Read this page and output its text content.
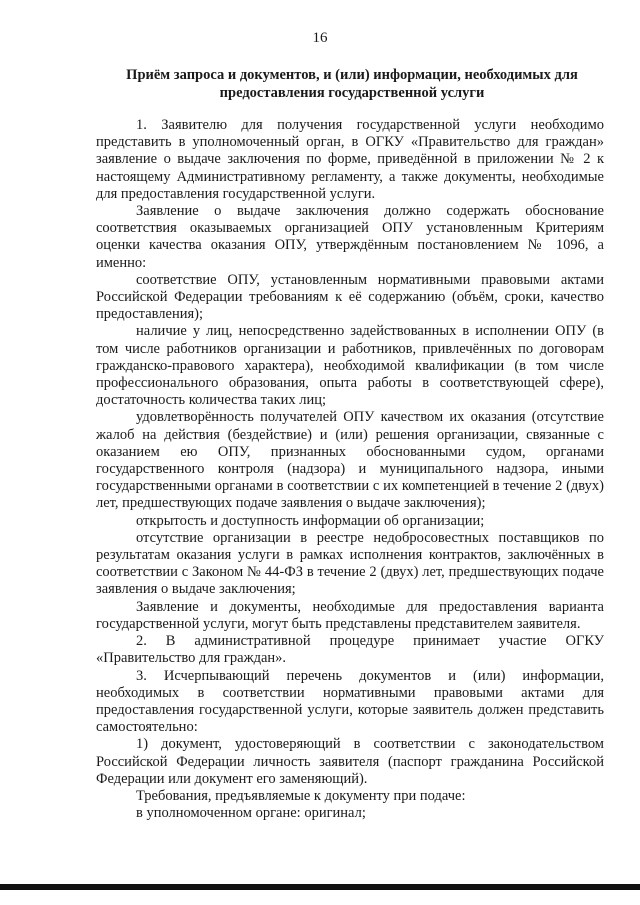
16
Приём запроса и документов, и (или) информации, необходимых для предоставления государственной услуги

1. Заявителю для получения государственной услуги необходимо представить в уполномоченный орган, в ОГКУ «Правительство для граждан» заявление о выдаче заключения по форме, приведённой в приложении № 2 к настоящему Административному регламенту, а также документы, необходимые для предоставления государственной услуги.

Заявление о выдаче заключения должно содержать обоснование соответствия оказываемых организацией ОПУ установленным Критериям оценки качества оказания ОПУ, утверждённым постановлением № 1096, а именно:

соответствие ОПУ, установленным нормативными правовыми актами Российской Федерации требованиям к её содержанию (объём, сроки, качество предоставления);

наличие у лиц, непосредственно задействованных в исполнении ОПУ (в том числе работников организации и работников, привлечённых по договорам гражданско-правового характера), необходимой квалификации (в том числе профессионального образования, опыта работы в соответствующей сфере), достаточность количества таких лиц;

удовлетворённость получателей ОПУ качеством их оказания (отсутствие жалоб на действия (бездействие) и (или) решения организации, связанные с оказанием ею ОПУ, признанных обоснованными судом, органами государственного контроля (надзора) и муниципального надзора, иными государственными органами в соответствии с их компетенцией в течение 2 (двух) лет, предшествующих подаче заявления о выдаче заключения);

открытость и доступность информации об организации;

отсутствие организации в реестре недобросовестных поставщиков по результатам оказания услуги в рамках исполнения контрактов, заключённых в соответствии с Законом № 44-ФЗ в течение 2 (двух) лет, предшествующих подаче заявления о выдаче заключения;

Заявление и документы, необходимые для предоставления варианта государственной услуги, могут быть представлены представителем заявителя.

2. В административной процедуре принимает участие ОГКУ «Правительство для граждан».

3. Исчерпывающий перечень документов и (или) информации, необходимых в соответствии нормативными правовыми актами для предоставления государственной услуги, которые заявитель должен представить самостоятельно:

1) документ, удостоверяющий в соответствии с законодательством Российской Федерации личность заявителя (паспорт гражданина Российской Федерации или документ его заменяющий).

Требования, предъявляемые к документу при подаче:

в уполномоченном органе: оригинал;
